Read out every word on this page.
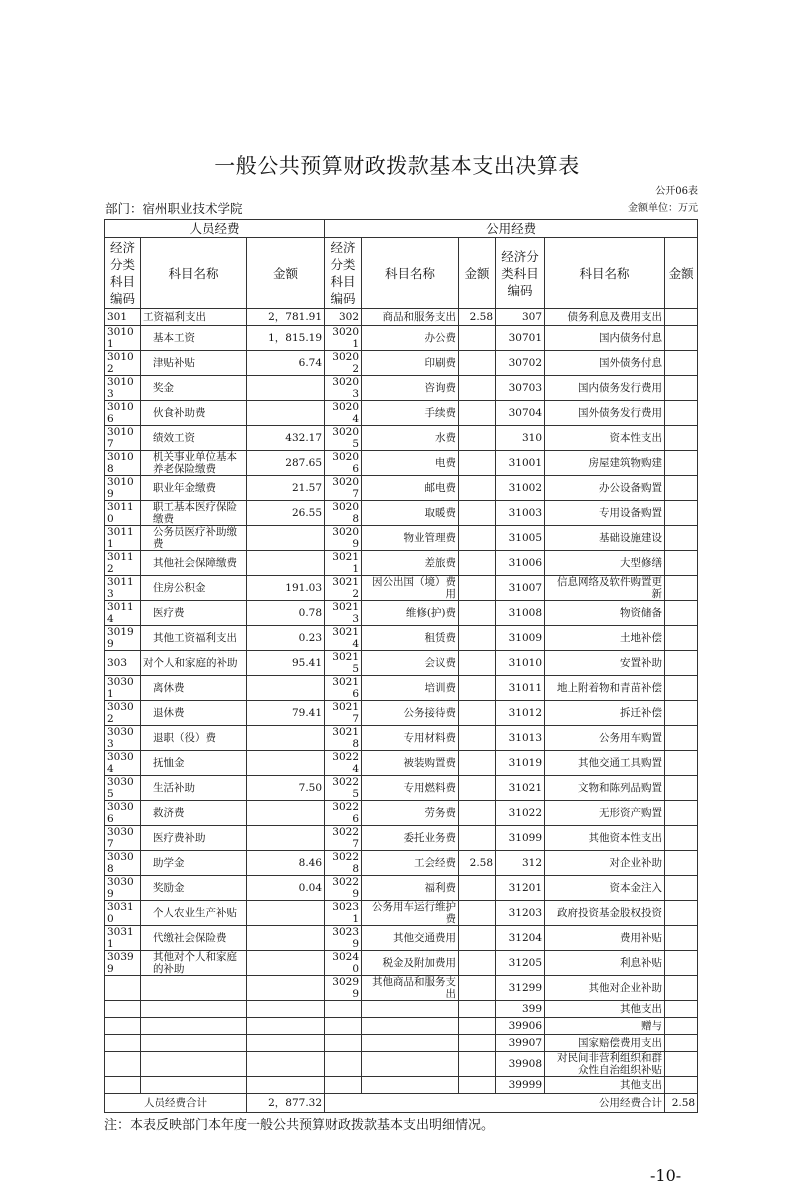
一般公共预算财政拨款基本支出决算表
公开06表
部门：宿州职业技术学院	金额单位：万元
人员经费			公用经费					
经济分类科目编码	科目名称	金额	经济分类科目编码	科目名称	金额	经济分类科目编码	科目名称	金额
301	工资福利支出	2，781.91	302	商品和服务支出	2.58	307	债务利息及费用支出	
30101	基本工资	1，815.19	30201	办公费		30701	国内债务付息	
30102	津贴补贴	6.74	30202	印刷费		30702	国外债务付息	
30103	奖金		30203	咨询费		30703	国内债务发行费用	
30106	伙食补助费		30204	手续费		30704	国外债务发行费用	
30107	绩效工资	432.17	30205	水费		310	资本性支出	
30108	机关事业单位基本养老保险缴费	287.65	30206	电费		31001	房屋建筑物购建	
30109	职业年金缴费	21.57	30207	邮电费		31002	办公设备购置	
30110	职工基本医疗保险缴费	26.55	30208	取暖费		31003	专用设备购置	
30111	公务员医疗补助缴费		30209	物业管理费		31005	基础设施建设	
30112	其他社会保障缴费		30211	差旅费		31006	大型修缮	
30113	住房公积金	191.03	30212	因公出国（境）费用		31007	信息网络及软件购置更新	
30114	医疗费	0.78	30213	维修(护)费		31008	物资储备	
30199	其他工资福利支出	0.23	30214	租赁费		31009	土地补偿	
303	对个人和家庭的补助	95.41	30215	会议费		31010	安置补助	
30301	离休费		30216	培训费		31011	地上附着物和青苗补偿	
30302	退休费	79.41	30217	公务接待费		31012	拆迁补偿	
30303	退职（役）费		30218	专用材料费		31013	公务用车购置	
30304	抚恤金		30224	被装购置费		31019	其他交通工具购置	
30305	生活补助	7.50	30225	专用燃料费		31021	文物和陈列品购置	
30306	救济费		30226	劳务费		31022	无形资产购置	
30307	医疗费补助		30227	委托业务费		31099	其他资本性支出	
30308	助学金	8.46	30228	工会经费	2.58	312	对企业补助	
30309	奖励金	0.04	30229	福利费		31201	资本金注入	
30310	个人农业生产补贴		30231	公务用车运行维护费		31203	政府投资基金股权投资	
30311	代缴社会保险费		30239	其他交通费用		31204	费用补贴	
30399	其他对个人和家庭的补助		30240	税金及附加费用		31205	利息补贴	
			30299	其他商品和服务支出		31299	其他对企业补助	
						399	其他支出	
						39906	赠与	
						39907	国家赔偿费用支出	
						39908	对民间非营利组织和群众性自治组织补贴	
						39999	其他支出	
人员经费合计		2，877.32	公用经费合计					2.58
注：本表反映部门本年度一般公共预算财政拨款基本支出明细情况。
-10-
